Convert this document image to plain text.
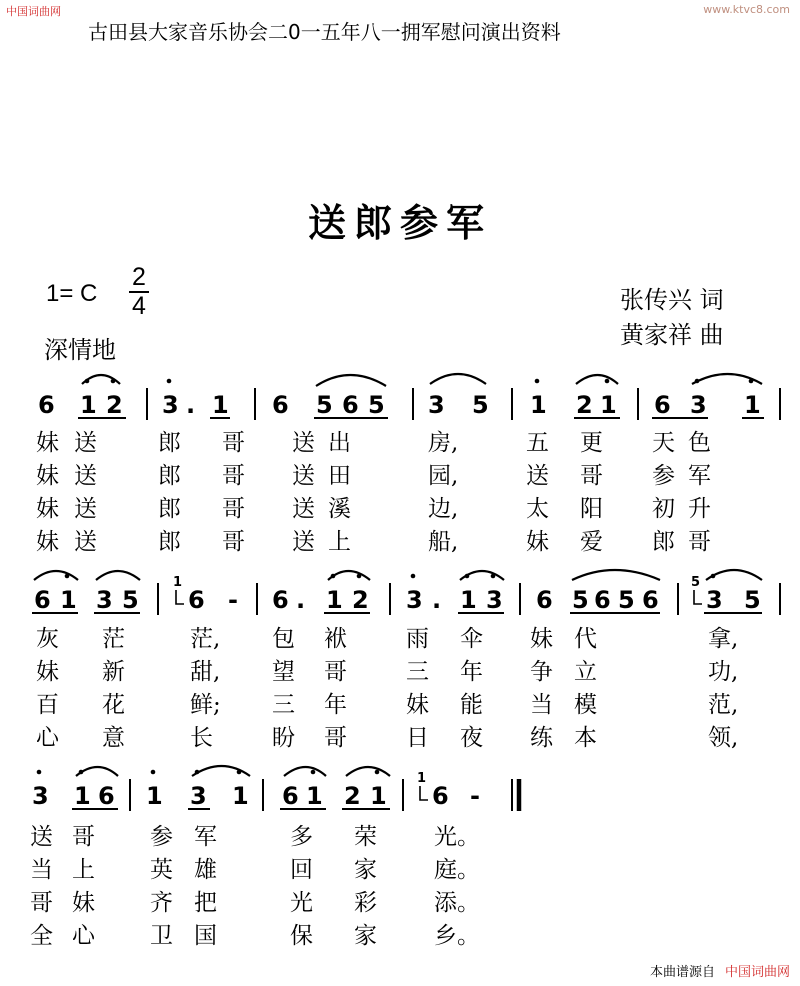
中国词曲网	www.ktvc8.com
古田县大家音乐协会二0一五年八一拥军慰问演出资料
送郎参军
1= C
2
4	张传兴 词
黄家祥 曲
深情地
6 1 2 3 . 1 6 5 6 5 3 5 1 2 1 6 3 1
6 1 3 5 6 - 6 . 1 2 3 . 1 3 6 5 6 5 6 3 5
1	5
3 1 6 1 3 1 6 1 2 1 6 -
1
妹 送	郎 哥 送 出	房,	五 更 天 色
妹 送	郎 哥 送 田	园,	送 哥 参 军
妹 送	郎 哥 送 溪	边,	太 阳 初 升
妹 送	郎 哥 送 上	船,	妹 爱 郎 哥
灰 茫	茫, 包 袱	雨 伞 妹 代	拿,
妹 新	甜, 望 哥	三 年 争 立	功,
百 花	鲜; 三 年	妹 能 当 模	范,
心 意	长	盼 哥	日 夜 练 本	领,
送 哥 参 军	多 荣 光。
当 上 英 雄	回 家 庭。
哥 妹 齐 把	光 彩 添。
全 心 卫 国	保 家 乡。
本曲谱源自 中国词曲网
